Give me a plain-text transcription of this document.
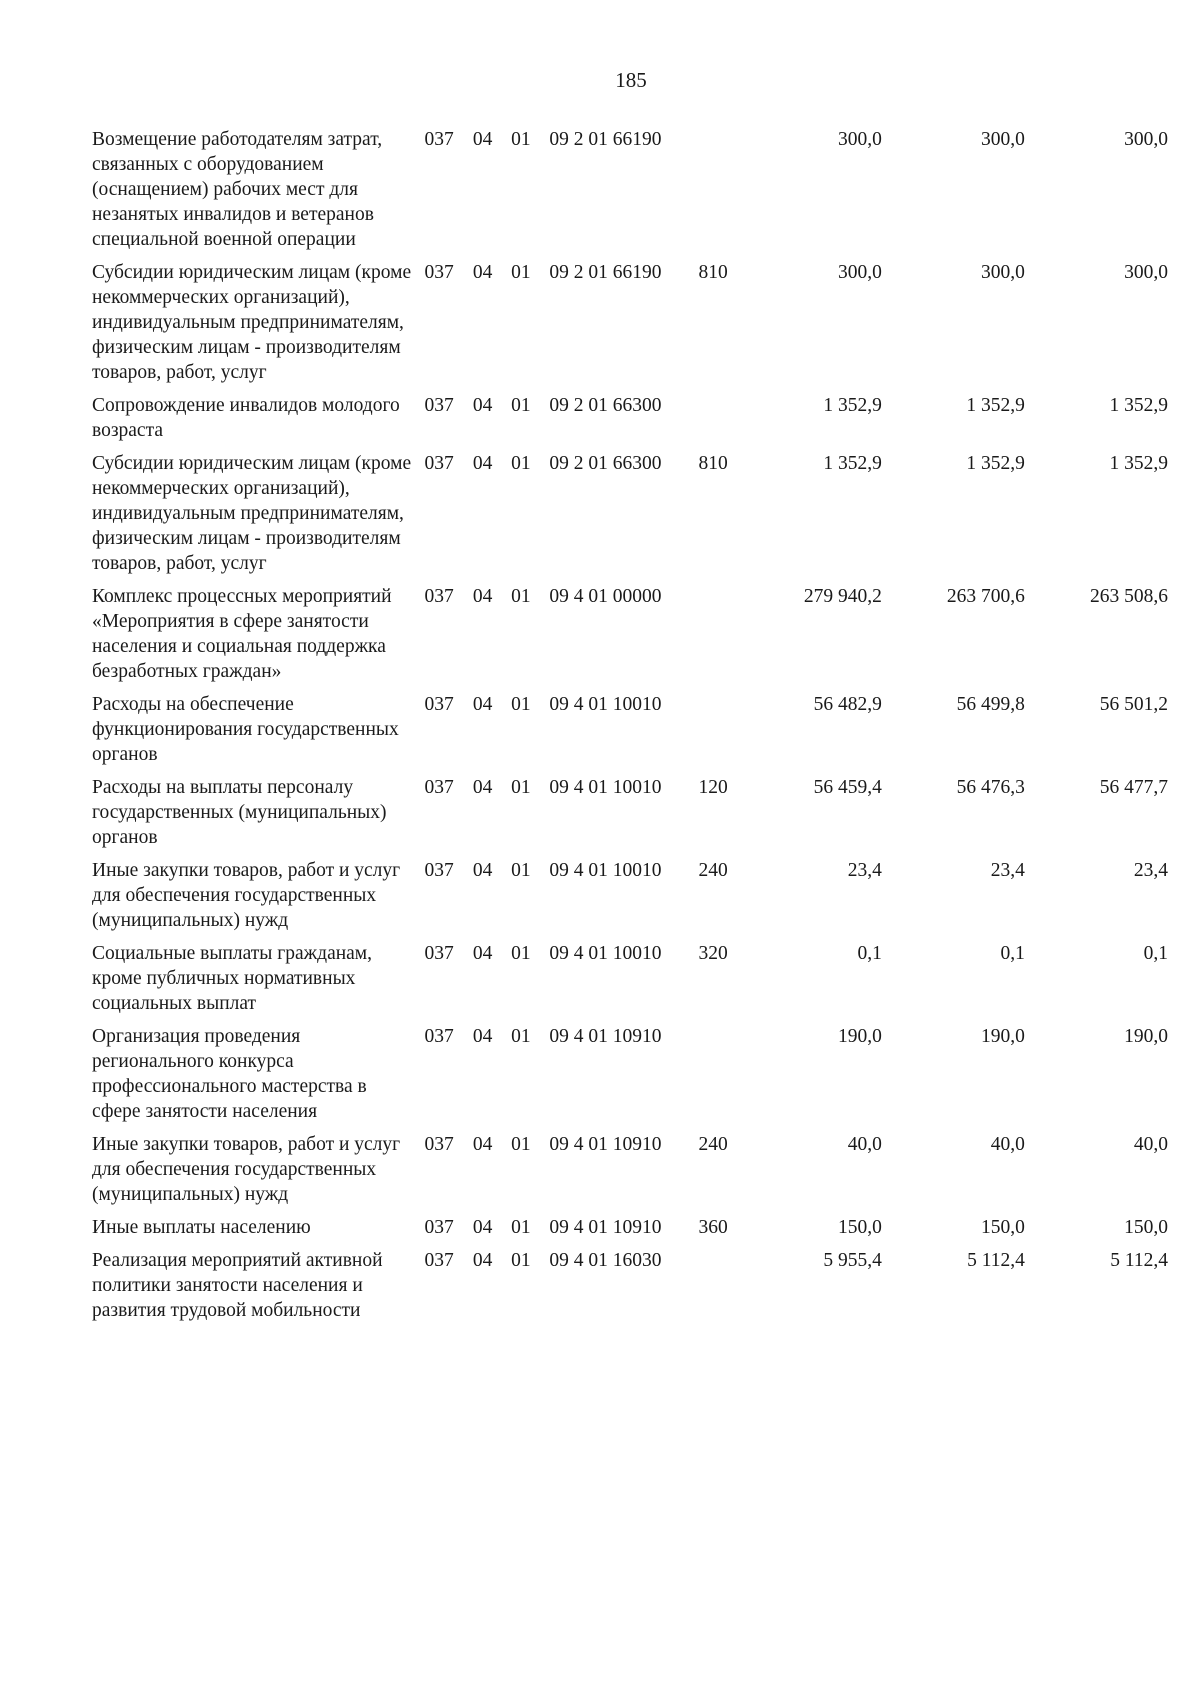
185
Возмещение работодателям затрат, связанных с оборудованием (оснащением) рабочих мест для незанятых инвалидов и ветеранов специальной военной операции	037	04	01	09 2 01 66190		300,0	300,0	300,0
Субсидии юридическим лицам (кроме некоммерческих организаций), индивидуальным предпринимателям, физическим лицам - производителям товаров, работ, услуг	037	04	01	09 2 01 66190	810	300,0	300,0	300,0
Сопровождение инвалидов молодого возраста	037	04	01	09 2 01 66300		1 352,9	1 352,9	1 352,9
Субсидии юридическим лицам (кроме некоммерческих организаций), индивидуальным предпринимателям, физическим лицам - производителям товаров, работ, услуг	037	04	01	09 2 01 66300	810	1 352,9	1 352,9	1 352,9
Комплекс процессных мероприятий «Мероприятия в сфере занятости населения и социальная поддержка безработных граждан»	037	04	01	09 4 01 00000		279 940,2	263 700,6	263 508,6
Расходы на обеспечение функционирования государственных органов	037	04	01	09 4 01 10010		56 482,9	56 499,8	56 501,2
Расходы на выплаты персоналу государственных (муниципальных) органов	037	04	01	09 4 01 10010	120	56 459,4	56 476,3	56 477,7
Иные закупки товаров, работ и услуг для обеспечения государственных (муниципальных) нужд	037	04	01	09 4 01 10010	240	23,4	23,4	23,4
Социальные выплаты гражданам, кроме публичных нормативных социальных выплат	037	04	01	09 4 01 10010	320	0,1	0,1	0,1
Организация проведения регионального конкурса профессионального мастерства в сфере занятости населения	037	04	01	09 4 01 10910		190,0	190,0	190,0
Иные закупки товаров, работ и услуг для обеспечения государственных (муниципальных) нужд	037	04	01	09 4 01 10910	240	40,0	40,0	40,0
Иные выплаты населению	037	04	01	09 4 01 10910	360	150,0	150,0	150,0
Реализация мероприятий активной политики занятости населения и развития трудовой мобильности	037	04	01	09 4 01 16030		5 955,4	5 112,4	5 112,4
